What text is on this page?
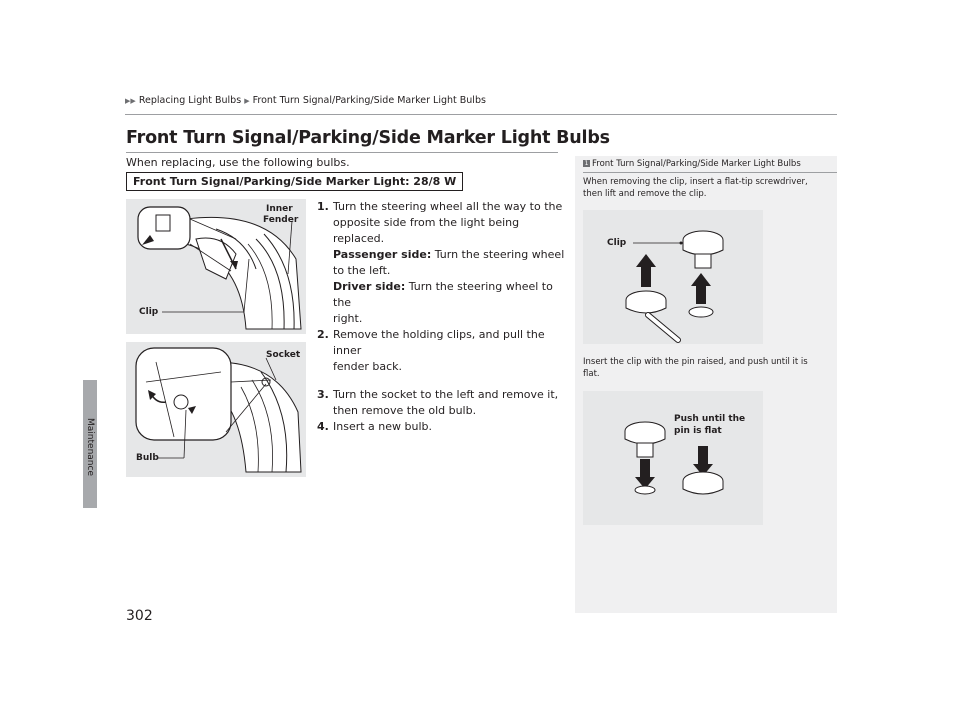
▶▶ Replacing Light Bulbs ▶ Front Turn Signal/Parking/Side Marker Light Bulbs
Front Turn Signal/Parking/Side Marker Light Bulbs
Maintenance
When replacing, use the following bulbs.
Front Turn Signal/Parking/Side Marker Light: 28/8 W
Inner
Fender
Clip
Socket
Bulb
1. Turn the steering wheel all the way to the
opposite side from the light being replaced.
Passenger side: Turn the steering wheel
to the left.
Driver side: Turn the steering wheel to the
right.
2. Remove the holding clips, and pull the inner
fender back.
3. Turn the socket to the left and remove it,
then remove the old bulb.
4. Insert a new bulb.
1 Front Turn Signal/Parking/Side Marker Light Bulbs
When removing the clip, insert a flat-tip screwdriver,
then lift and remove the clip.
Clip
Insert the clip with the pin raised, and push until it is
flat.
Push until the
pin is flat
302
